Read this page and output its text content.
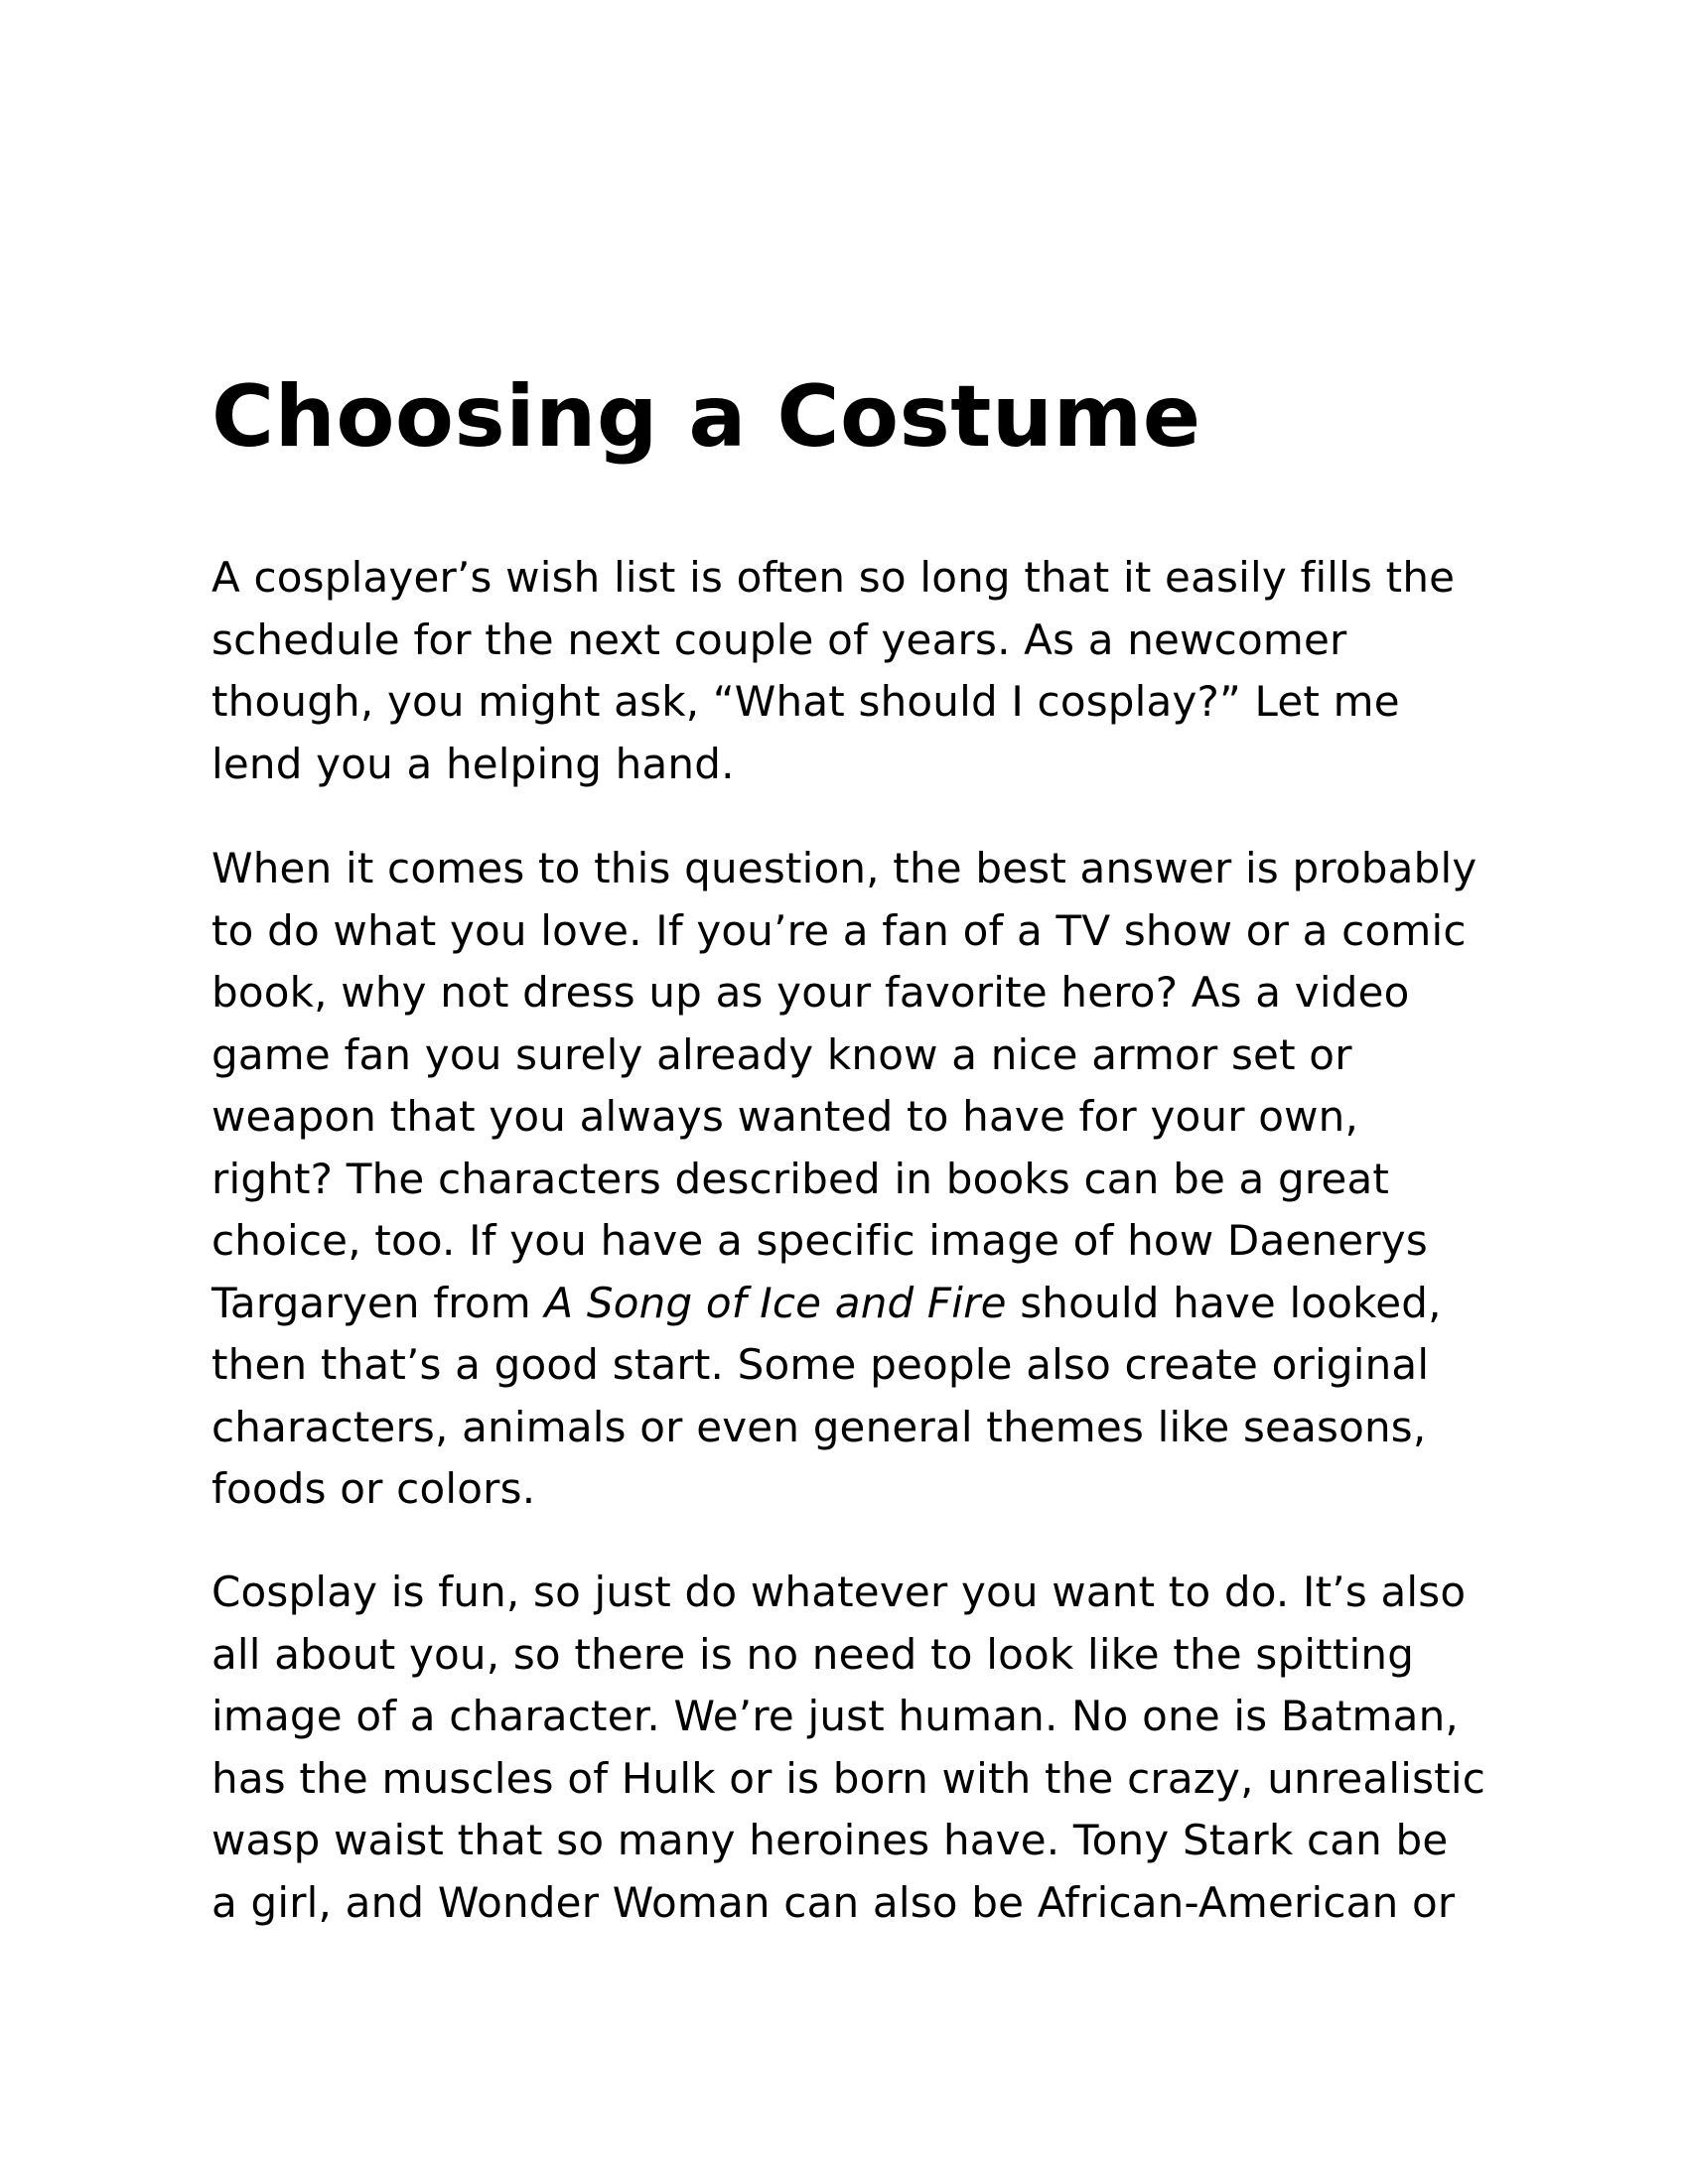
Choosing a Costume

A cosplayer’s wish list is often so long that it easily fills the
schedule for the next couple of years. As a newcomer
though, you might ask, “What should I cosplay?” Let me
lend you a helping hand.

When it comes to this question, the best answer is probably
to do what you love. If you’re a fan of a TV show or a comic
book, why not dress up as your favorite hero? As a video
game fan you surely already know a nice armor set or
weapon that you always wanted to have for your own,
right? The characters described in books can be a great
choice, too. If you have a specific image of how Daenerys
Targaryen from A Song of Ice and Fire should have looked,
then that’s a good start. Some people also create original
characters, animals or even general themes like seasons,
foods or colors.

Cosplay is fun, so just do whatever you want to do. It’s also
all about you, so there is no need to look like the spitting
image of a character. We’re just human. No one is Batman,
has the muscles of Hulk or is born with the crazy, unrealistic
wasp waist that so many heroines have. Tony Stark can be
a girl, and Wonder Woman can also be African-American or
